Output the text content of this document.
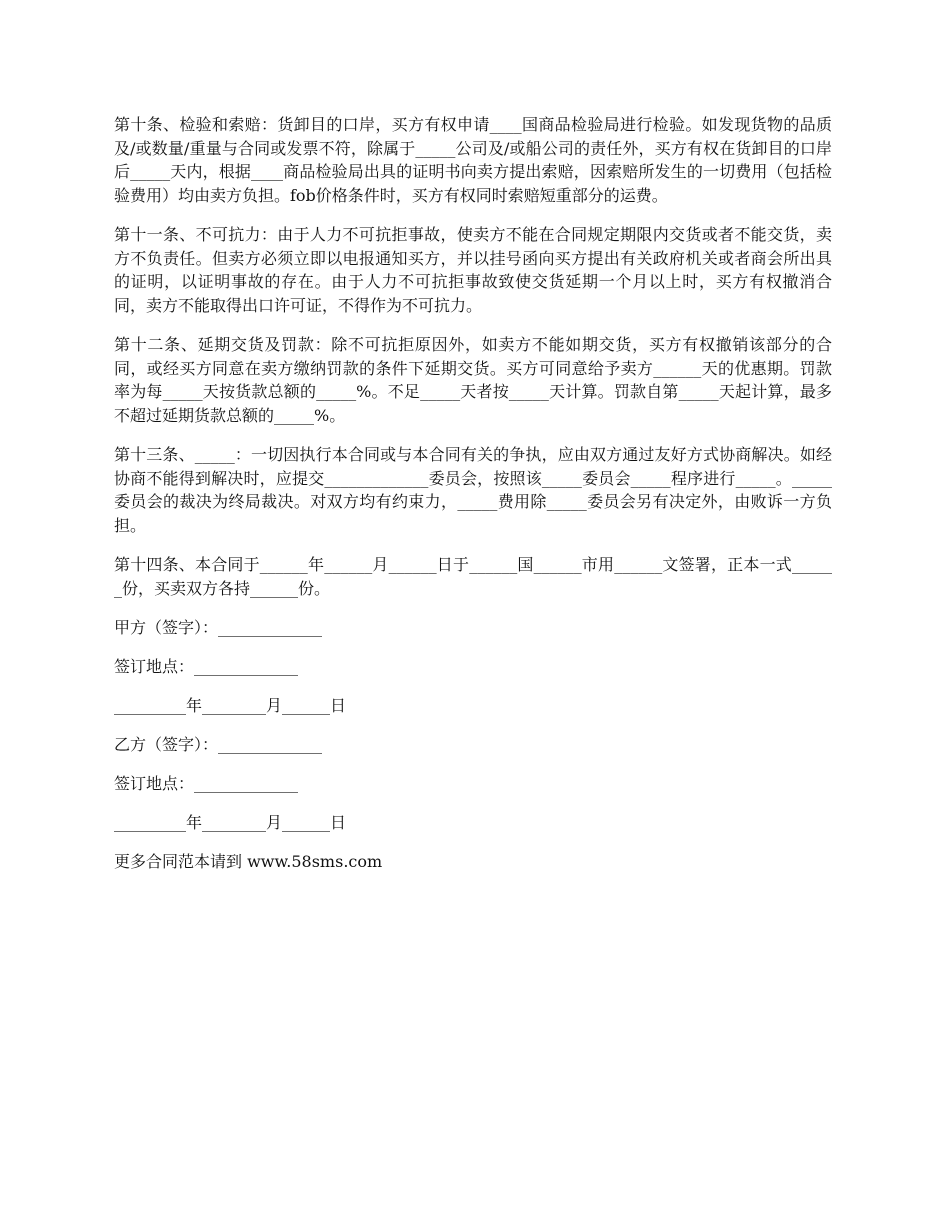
第十条、检验和索赔：货卸目的口岸，买方有权申请____国商品检验局进行检验。如发现货物的品质及/或数量/重量与合同或发票不符，除属于_____公司及/或船公司的责任外，买方有权在货卸目的口岸后_____天内，根据____商品检验局出具的证明书向卖方提出索赔，因索赔所发生的一切费用（包括检验费用）均由卖方负担。fob价格条件时，买方有权同时索赔短重部分的运费。

第十一条、不可抗力：由于人力不可抗拒事故，使卖方不能在合同规定期限内交货或者不能交货，卖方不负责任。但卖方必须立即以电报通知买方，并以挂号函向买方提出有关政府机关或者商会所出具的证明，以证明事故的存在。由于人力不可抗拒事故致使交货延期一个月以上时，买方有权撤消合同，卖方不能取得出口许可证，不得作为不可抗力。

第十二条、延期交货及罚款：除不可抗拒原因外，如卖方不能如期交货，买方有权撤销该部分的合同，或经买方同意在卖方缴纳罚款的条件下延期交货。买方可同意给予卖方______天的优惠期。罚款率为每_____天按货款总额的_____%。不足_____天者按_____天计算。罚款自第_____天起计算，最多不超过延期货款总额的_____%。

第十三条、_____：一切因执行本合同或与本合同有关的争执，应由双方通过友好方式协商解决。如经协商不能得到解决时，应提交_____________委员会，按照该_____委员会_____程序进行_____。_____委员会的裁决为终局裁决。对双方均有约束力，_____费用除_____委员会另有决定外，由败诉一方负担。

第十四条、本合同于______年______月______日于______国______市用______文签署，正本一式______份，买卖双方各持______份。

甲方（签字）：_____________

签订地点：_____________

_________年________月______日

乙方（签字）：_____________

签订地点：_____________

_________年________月______日

更多合同范本请到 www.58sms.com
